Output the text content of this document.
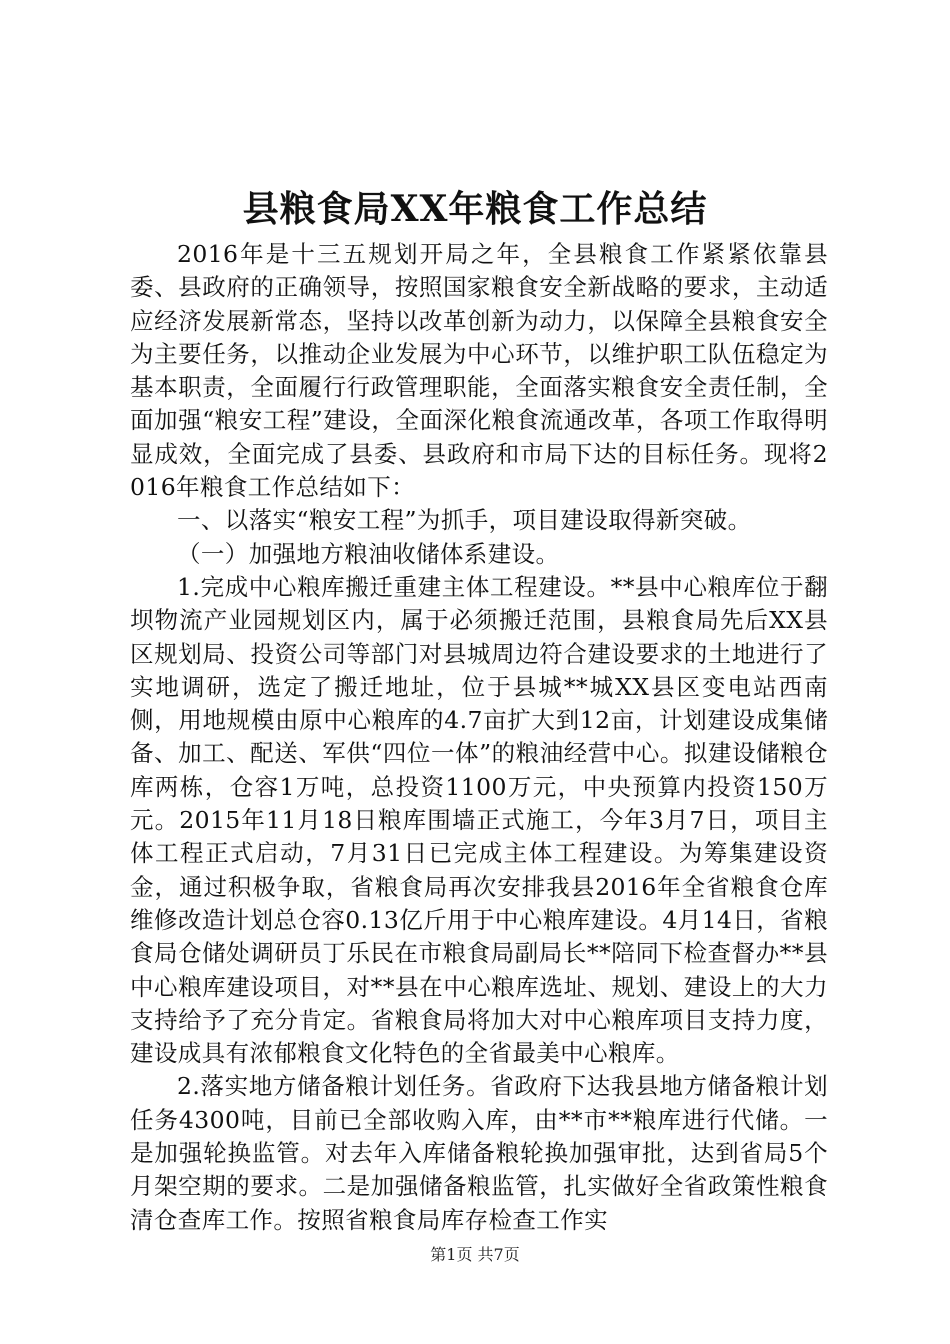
县粮食局XX年粮食工作总结

2016年是十三五规划开局之年，全县粮食工作紧紧依靠县委、县政府的正确领导，按照国家粮食安全新战略的要求，主动适应经济发展新常态，坚持以改革创新为动力，以保障全县粮食安全为主要任务，以推动企业发展为中心环节，以维护职工队伍稳定为基本职责，全面履行行政管理职能，全面落实粮食安全责任制，全面加强“粮安工程”建设，全面深化粮食流通改革，各项工作取得明显成效，全面完成了县委、县政府和市局下达的目标任务。现将2016年粮食工作总结如下：

一、以落实“粮安工程”为抓手，项目建设取得新突破。

（一）加强地方粮油收储体系建设。

1.完成中心粮库搬迁重建主体工程建设。**县中心粮库位于翻坝物流产业园规划区内，属于必须搬迁范围，县粮食局先后XX县区规划局、投资公司等部门对县城周边符合建设要求的土地进行了实地调研，选定了搬迁地址，位于县城**城XX县区变电站西南侧，用地规模由原中心粮库的4.7亩扩大到12亩，计划建设成集储备、加工、配送、军供“四位一体”的粮油经营中心。拟建设储粮仓库两栋，仓容1万吨，总投资1100万元，中央预算内投资150万元。2015年11月18日粮库围墙正式施工，今年3月7日，项目主体工程正式启动，7月31日已完成主体工程建设。为筹集建设资金，通过积极争取，省粮食局再次安排我县2016年全省粮食仓库维修改造计划总仓容0.13亿斤用于中心粮库建设。4月14日，省粮食局仓储处调研员丁乐民在市粮食局副局长**陪同下检查督办**县中心粮库建设项目，对**县在中心粮库选址、规划、建设上的大力支持给予了充分肯定。省粮食局将加大对中心粮库项目支持力度，建设成具有浓郁粮食文化特色的全省最美中心粮库。

2.落实地方储备粮计划任务。省政府下达我县地方储备粮计划任务4300吨，目前已全部收购入库，由**市**粮库进行代储。一是加强轮换监管。对去年入库储备粮轮换加强审批，达到省局5个月架空期的要求。二是加强储备粮监管，扎实做好全省政策性粮食清仓查库工作。按照省粮食局库存检查工作实

第1页 共7页
